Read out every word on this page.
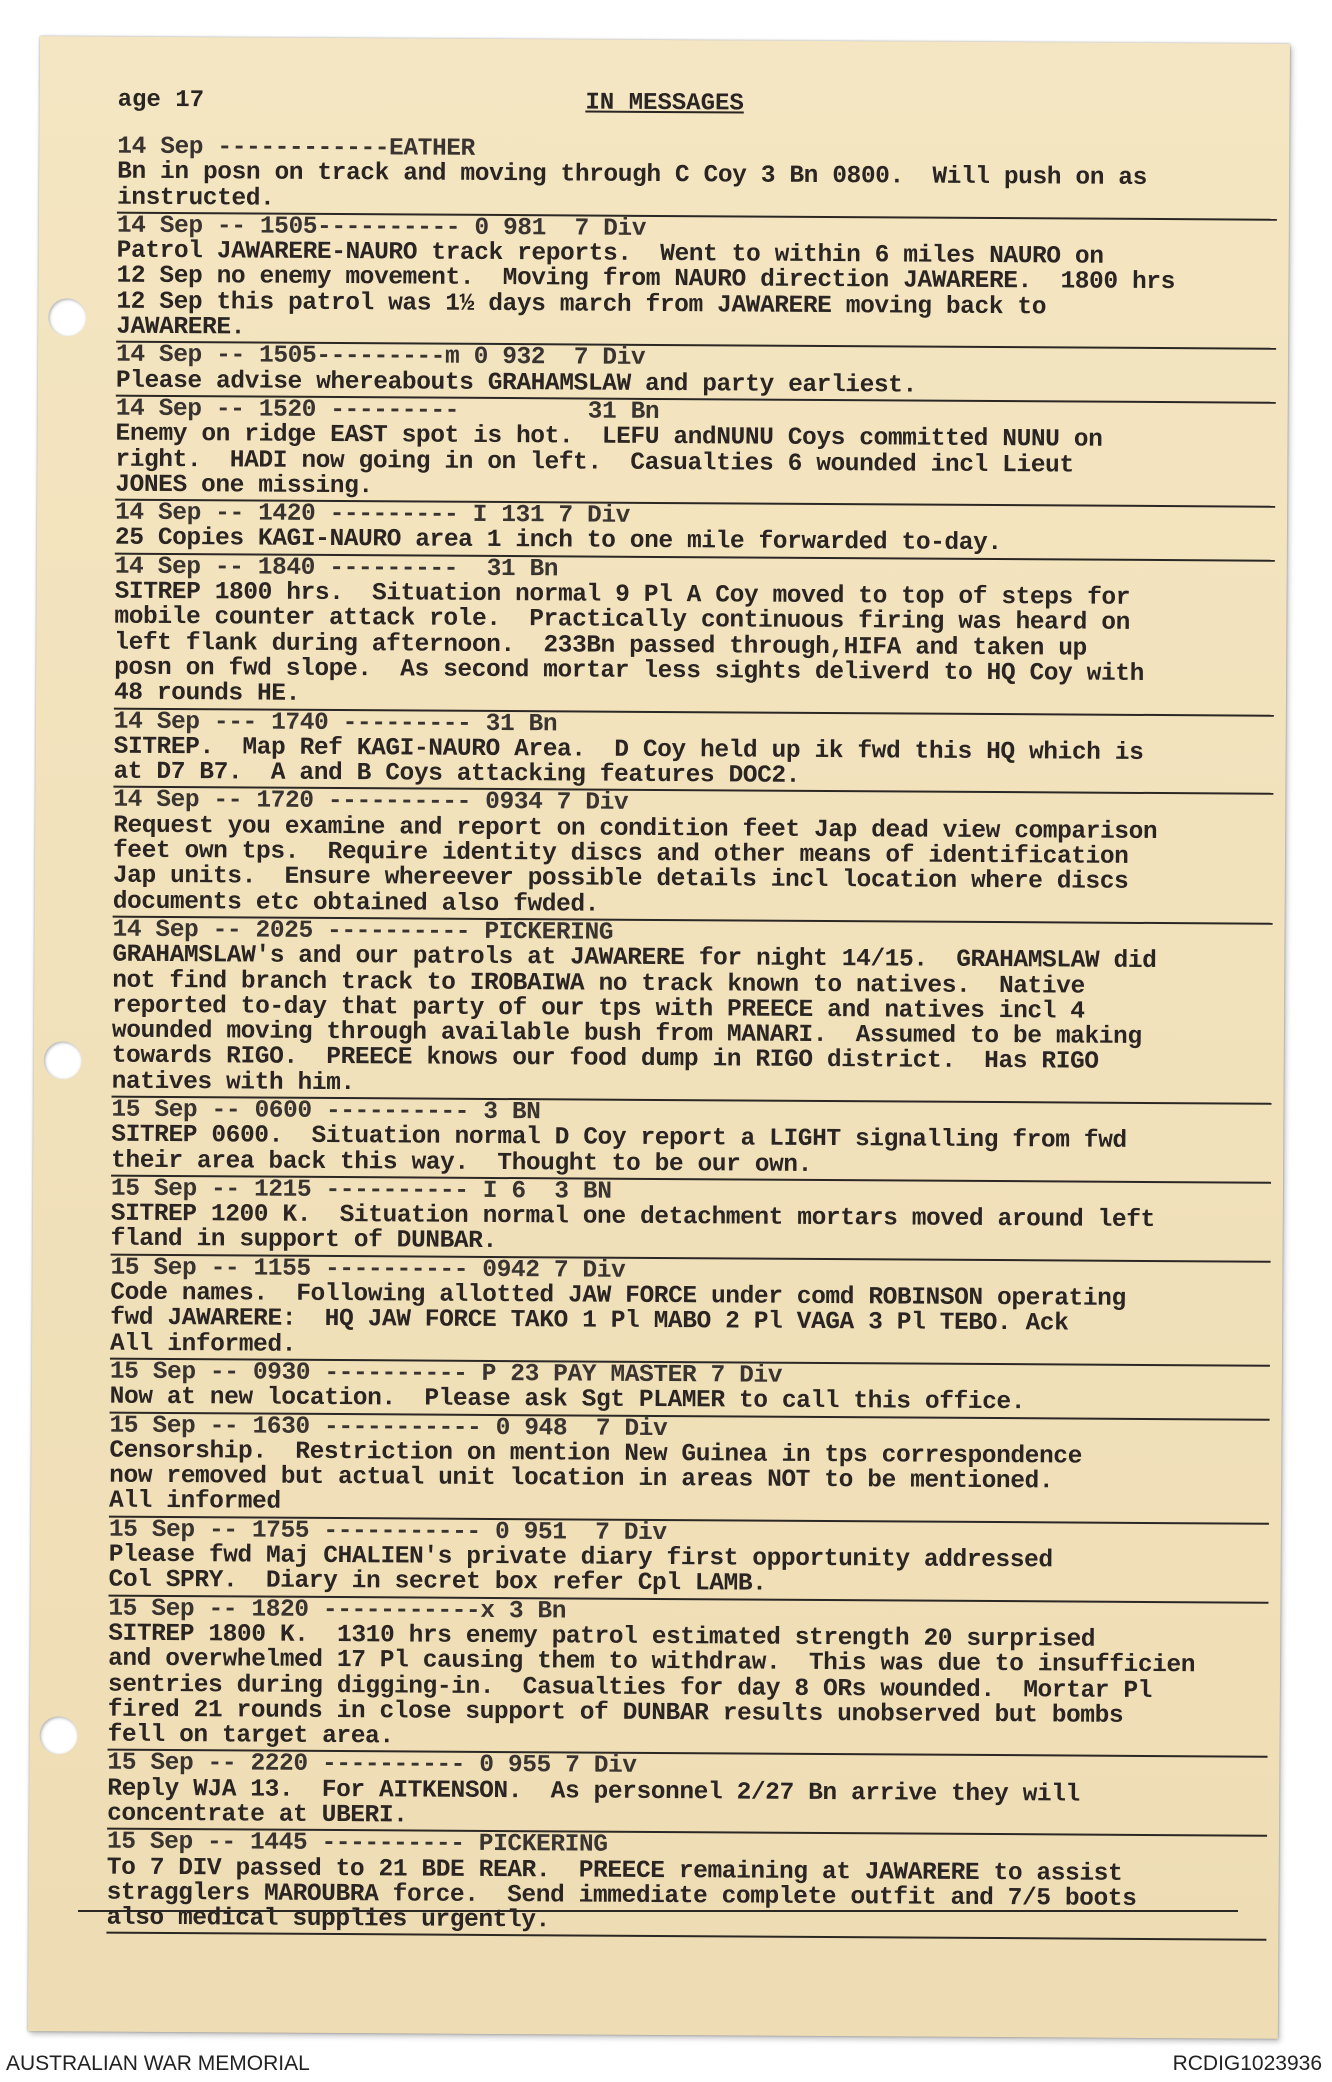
age 17	IN MESSAGES
14 Sep ------------EATHER
Bn in posn on track and moving through C Coy 3 Bn 0800.  Will push on as
instructed.
14 Sep -- 1505---------- 0 981  7 Div
Patrol JAWARERE-NAURO track reports.  Went to within 6 miles NAURO on
12 Sep no enemy movement.  Moving from NAURO direction JAWARERE.  1800 hrs
12 Sep this patrol was 1½ days march from JAWARERE moving back to
JAWARERE.
14 Sep -- 1505---------m 0 932  7 Div
Please advise whereabouts GRAHAMSLAW and party earliest.
14 Sep -- 1520 ---------         31 Bn
Enemy on ridge EAST spot is hot.  LEFU andNUNU Coys committed NUNU on
right.  HADI now going in on left.  Casualties 6 wounded incl Lieut
JONES one missing.
14 Sep -- 1420 --------- I 131 7 Div
25 Copies KAGI-NAURO area 1 inch to one mile forwarded to-day.
14 Sep -- 1840 ---------  31 Bn
SITREP 1800 hrs.  Situation normal 9 Pl A Coy moved to top of steps for
mobile counter attack role.  Practically continuous firing was heard on
left flank during afternoon.  233Bn passed through,HIFA and taken up
posn on fwd slope.  As second mortar less sights deliverd to HQ Coy with
48 rounds HE.
14 Sep --- 1740 --------- 31 Bn
SITREP.  Map Ref KAGI-NAURO Area.  D Coy held up ik fwd this HQ which is
at D7 B7.  A and B Coys attacking features DOC2.
14 Sep -- 1720 ---------- 0934 7 Div
Request you examine and report on condition feet Jap dead view comparison
feet own tps.  Require identity discs and other means of identification
Jap units.  Ensure whereever possible details incl location where discs
documents etc obtained also fwded.
14 Sep -- 2025 ---------- PICKERING
GRAHAMSLAW's and our patrols at JAWARERE for night 14/15.  GRAHAMSLAW did
not find branch track to IROBAIWA no track known to natives.  Native
reported to-day that party of our tps with PREECE and natives incl 4
wounded moving through available bush from MANARI.  Assumed to be making
towards RIGO.  PREECE knows our food dump in RIGO district.  Has RIGO
natives with him.
15 Sep -- 0600 ---------- 3 BN
SITREP 0600.  Situation normal D Coy report a LIGHT signalling from fwd
their area back this way.  Thought to be our own.
15 Sep -- 1215 ---------- I 6  3 BN
SITREP 1200 K.  Situation normal one detachment mortars moved around left
fland in support of DUNBAR.
15 Sep -- 1155 ---------- 0942 7 Div
Code names.  Following allotted JAW FORCE under comd ROBINSON operating
fwd JAWARERE:  HQ JAW FORCE TAKO 1 Pl MABO 2 Pl VAGA 3 Pl TEBO. Ack
All informed.
15 Sep -- 0930 ---------- P 23 PAY MASTER 7 Div
Now at new location.  Please ask Sgt PLAMER to call this office.
15 Sep -- 1630 ----------- 0 948  7 Div
Censorship.  Restriction on mention New Guinea in tps correspondence
now removed but actual unit location in areas NOT to be mentioned.
All informed
15 Sep -- 1755 ----------- 0 951  7 Div
Please fwd Maj CHALIEN's private diary first opportunity addressed
Col SPRY.  Diary in secret box refer Cpl LAMB.
15 Sep -- 1820 -----------x 3 Bn
SITREP 1800 K.  1310 hrs enemy patrol estimated strength 20 surprised
and overwhelmed 17 Pl causing them to withdraw.  This was due to insufficien
sentries during digging-in.  Casualties for day 8 ORs wounded.  Mortar Pl
fired 21 rounds in close support of DUNBAR results unobserved but bombs
fell on target area.
15 Sep -- 2220 ---------- 0 955 7 Div
Reply WJA 13.  For AITKENSON.  As personnel 2/27 Bn arrive they will
concentrate at UBERI.
15 Sep -- 1445 ---------- PICKERING
To 7 DIV passed to 21 BDE REAR.  PREECE remaining at JAWARERE to assist
stragglers MAROUBRA force.  Send immediate complete outfit and 7/5 boots
also medical supplies urgently.
AUSTRALIAN WAR MEMORIAL	RCDIG1023936
